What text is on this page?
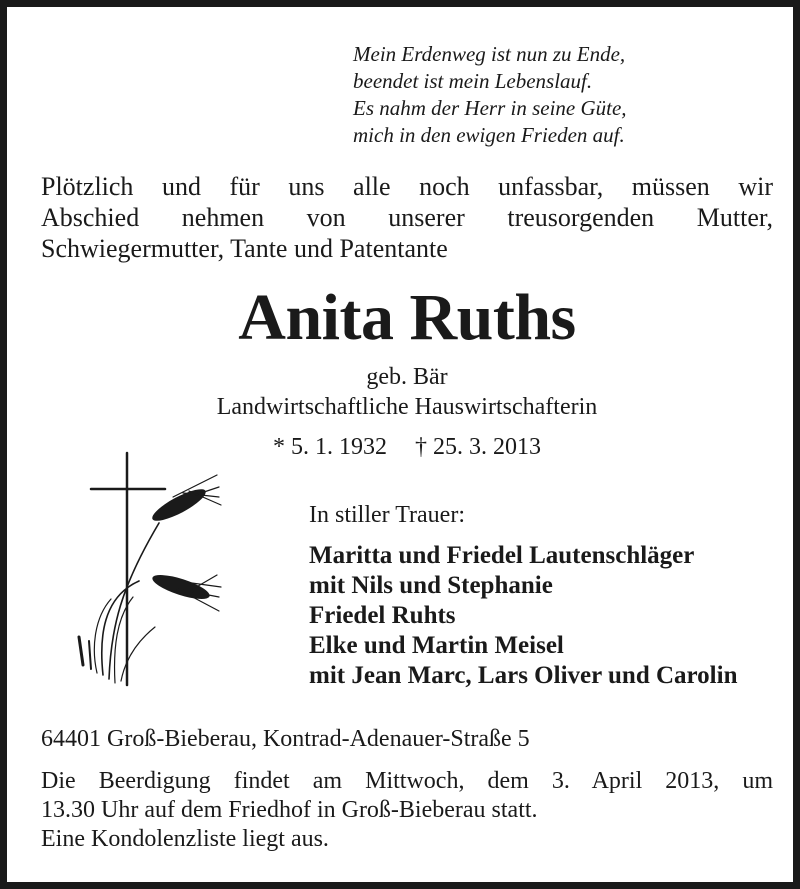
Mein Erdenweg ist nun zu Ende,
beendet ist mein Lebenslauf.
Es nahm der Herr in seine Güte,
mich in den ewigen Frieden auf.
Plötzlich und für uns alle noch unfassbar, müssen wir
Abschied nehmen von unserer treusorgenden Mutter,
Schwiegermutter, Tante und Patentante
Anita Ruths
geb. Bär
Landwirtschaftliche Hauswirtschafterin
* 5. 1. 1932 † 25. 3. 2013
In stiller Trauer:
Maritta und Friedel Lautenschläger
mit Nils und Stephanie
Friedel Ruhts
Elke und Martin Meisel
mit Jean Marc, Lars Oliver und Carolin
64401 Groß-Bieberau, Kontrad-Adenauer-Straße 5
Die Beerdigung findet am Mittwoch, dem 3. April 2013, um
13.30 Uhr auf dem Friedhof in Groß-Bieberau statt.
Eine Kondolenzliste liegt aus.
